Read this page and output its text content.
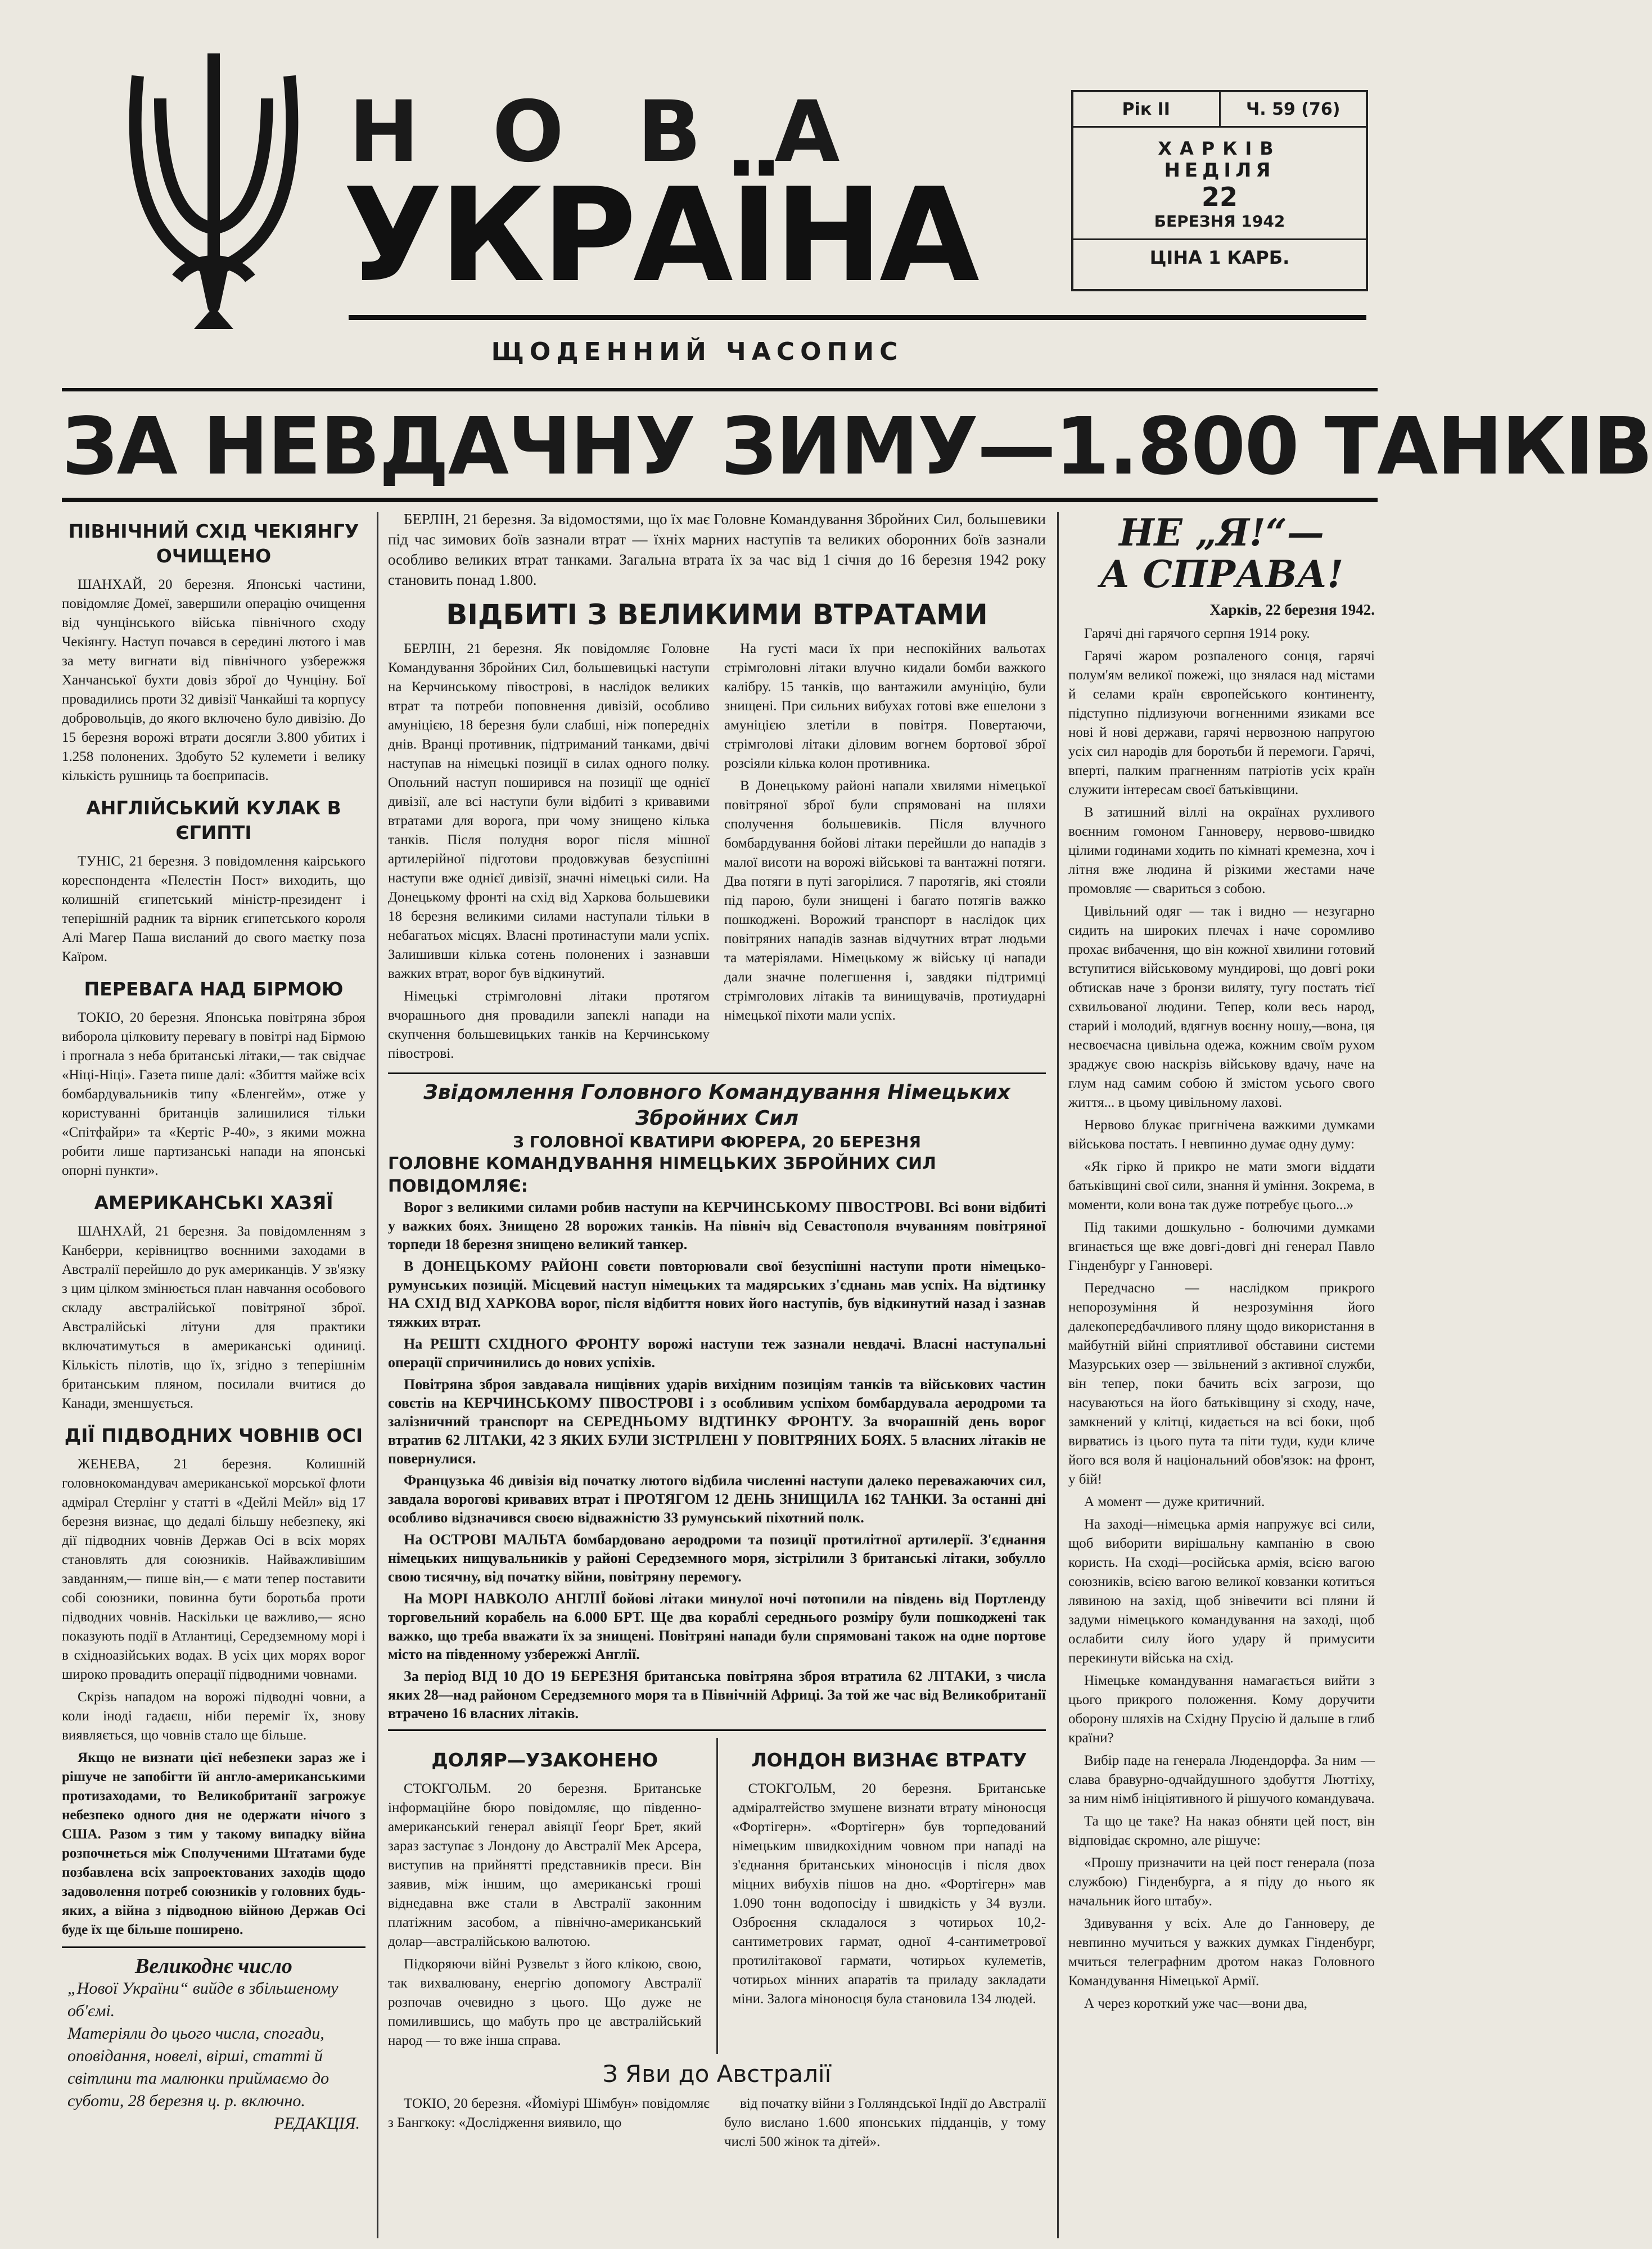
НОВА
УКРАЇНА
ЩОДЕННИЙ ЧАСОПИС
Рік II	Ч. 59 (76)
ХАРКІВ
НЕДІЛЯ
22
БЕРЕЗНЯ 1942
ЦІНА 1 КАРБ.
ЗА НЕВДАЧНУ ЗИМУ—1.800 ТАНКІВ
ПІВНІЧНИЙ СХІД ЧЕКІЯНГУ ОЧИЩЕНО

ШАНХАЙ, 20 березня. Японські частини, повідомляє Домеї, завершили операцію очищення від чунцінського війська північного сходу Чекіянгу. Наступ почався в середині лютого і мав за мету вигнати від північного узбережжя Ханчанської бухти довіз зброї до Чунціну. Бої провадились проти 32 дивізії Чанкайші та корпусу добровольців, до якого включено було дивізію. До 15 березня ворожі втрати досягли 3.800 убитих і 1.258 полонених. Здобуто 52 кулемети і велику кількість рушниць та боєприпасів.

АНГЛІЙСЬКИЙ КУЛАК В ЄГИПТІ

ТУНІС, 21 березня. З повідомлення каірського кореспондента «Пелестін Пост» виходить, що колишній єгипетський міністр-президент і теперішній радник та вірник єгипетського короля Алі Магер Паша висланий до свого маєтку поза Каїром.

ПЕРЕВАГА НАД БІРМОЮ

ТОКІО, 20 березня. Японська повітряна зброя виборола цілковиту перевагу в повітрі над Бірмою і прогнала з неба британські літаки,— так свідчає «Ніці-Ніці». Газета пише далі: «Збиття майже всіх бомбардувальників типу «Бленгейм», отже у користуванні британців залишилися тільки «Спітфайри» та «Кертіс Р-40», з якими можна робити лише партизанські напади на японські опорні пункти».

АМЕРИКАНСЬКІ ХАЗЯЇ

ШАНХАЙ, 21 березня. За повідомленням з Канберри, керівництво воєнними заходами в Австралії перейшло до рук американців. У зв'язку з цим цілком змінюється план навчання особового складу австралійської повітряної зброї. Австралійські літуни для практики включатимуться в американські одиниці. Кількість пілотів, що їх, згідно з теперішнім британським пляном, посилали вчитися до Канади, зменшується.

ДІЇ ПІДВОДНИХ ЧОВНІВ ОСІ

ЖЕНЕВА, 21 березня. Колишній головнокомандувач американської морської флоти адмірал Стерлінг у статті в «Дейлі Мейл» від 17 березня визнає, що дедалі більшу небезпеку, які дії підводних човнів Держав Осі в всіх морях становлять для союзників. Найважливішим завданням,— пише він,— є мати тепер поставити собі союзники, повинна бути боротьба проти підводних човнів. Наскільки це важливо,— ясно показують події в Атлантиці, Середземному морі і в східноазійських водах. В усіх цих морях ворог широко провадить операції підводними човнами.

Скрізь нападом на ворожі підводні човни, а коли іноді гадаєш, ніби переміг їх, знову виявляється, що човнів стало ще більше.

Якщо не визнати цієї небезпеки зараз же і рішуче не запобігти їй англо-американськими протизаходами, то Великобританії загрожує небезпеко одного дня не одержати нічого з США. Разом з тим у такому випадку війна розпочнеться між Сполученими Штатами буде позбавлена всіх запроектованих заходів щодо задоволення потреб союзників у головних будь-яких, а війна з підводною війною Держав Осі буде їх ще більше поширено.

Великоднє число
„Нової України“ вийде в збільшеному об'ємі.
Матеріяли до цього числа, спогади, оповідання, новелі, вірші, статті й світлини та малюнки приймаємо до суботи, 28 березня ц. р. включно.
РЕДАКЦІЯ.

БЕРЛІН, 21 березня. За відомостями, що їх має Головне Командування Збройних Сил, большевики під час зимових боїв зазнали втрат — їхніх марних наступів та великих оборонних боїв зазнали особливо великих втрат танками. Загальна втрата їх за час від 1 січня до 16 березня 1942 року становить понад 1.800.

ВІДБИТІ З ВЕЛИКИМИ ВТРАТАМИ

БЕРЛІН, 21 березня. Як повідомляє Головне Командування Збройних Сил, большевицькі наступи на Керчинському півострові, в наслідок великих втрат та потреби поповнення дивізій, особливо амуніцією, 18 березня були слабші, ніж попередніх днів. Вранці противник, підтриманий танками, двічі наступав на німецькі позиції в силах одного полку. Опольний наступ поширився на позиції ще однієї дивізії, але всі наступи були відбиті з кривавими втратами для ворога, при чому знищено кілька танків. Після полудня ворог після мішної артилерійної підготови продовжував безуспішні наступи вже однієї дивізії, значні німецькі сили. На Донецькому фронті на схід від Харкова большевики 18 березня великими силами наступали тільки в небагатьох місцях. Власні протинаступи мали успіх. Залишивши кілька сотень полонених і зазнавши важких втрат, ворог був відкинутий.

Німецькі стрімголовні літаки протягом вчорашнього дня провадили запеклі напади на скупчення большевицьких танків на Керчинському півострові.

На густі маси їх при неспокійних вальотах стрімголовні літаки влучно кидали бомби важкого калібру. 15 танків, що вантажили амуніцію, були знищені. При сильних вибухах готові вже ешелони з амуніцією злетіли в повітря. Повертаючи, стрімголові літаки діловим вогнем бортової зброї розсіяли кілька колон противника.

В Донецькому районі напали хвилями німецької повітряної зброї були спрямовані на шляхи сполучення большевиків. Після влучного бомбардування бойові літаки перейшли до нападів з малої висоти на ворожі військові та вантажні потяги. Два потяги в путі загорілися. 7 паротягів, які стояли під парою, були знищені і багато потягів важко пошкоджені. Ворожий транспорт в наслідок цих повітряних нападів зазнав відчутних втрат людьми та матеріялами. Німецькому ж війську ці напади дали значне полегшення і, завдяки підтримці стрімголових літаків та винищувачів, протиударні німецької піхоти мали успіх.

Звідомлення Головного Командування Німецьких Збройних Сил
З ГОЛОВНОЇ КВАТИРИ ФЮРЕРА, 20 БЕРЕЗНЯ
ГОЛОВНЕ КОМАНДУВАННЯ НІМЕЦЬКИХ ЗБРОЙНИХ СИЛ ПОВІДОМЛЯЄ:

Ворог з великими силами робив наступи на КЕРЧИНСЬКОМУ ПІВОСТРОВІ. Всі вони відбиті у важких боях. Знищено 28 ворожих танків. На північ від Севастополя вчуванням повітряної торпеди 18 березня знищено великий танкер.

В ДОНЕЦЬКОМУ РАЙОНІ совєти повторювали свої безуспішні наступи проти німецько-румунських позицій. Місцевий наступ німецьких та мадярських з'єднань мав успіх. На відтинку НА СХІД ВІД ХАРКОВА ворог, після відбиття нових його наступів, був відкинутий назад і зазнав тяжких втрат.

На РЕШТІ СХІДНОГО ФРОНТУ ворожі наступи теж зазнали невдачі. Власні наступальні операції спричинились до нових успіхів.

Повітряна зброя завдавала нищівних ударів вихідним позиціям танків та військових частин совєтів на КЕРЧИНСЬКОМУ ПІВОСТРОВІ і з особливим успіхом бомбардувала аеродроми та залізничний транспорт на СЕРЕДНЬОМУ ВІДТИНКУ ФРОНТУ. За вчорашній день ворог втратив 62 ЛІТАКИ, 42 З ЯКИХ БУЛИ ЗІСТРІЛЕНІ У ПОВІТРЯНИХ БОЯХ. 5 власних літаків не повернулися.

Французька 46 дивізія від початку лютого відбила численні наступи далеко переважаючих сил, завдала ворогові кривавих втрат і ПРОТЯГОМ 12 ДЕНЬ ЗНИЩИЛА 162 ТАНКИ. За останні дні особливо відзначився своєю відважністю 33 румунський піхотний полк.

На ОСТРОВІ МАЛЬТА бомбардовано аеродроми та позиції протилітної артилерії. З'єднання німецьких нищувальників у районі Середземного моря, зістрілили 3 британські літаки, зобулло свою тисячну, від початку війни, повітряну перемогу.

На МОРІ НАВКОЛО АНГЛІЇ бойові літаки минулої ночі потопили на південь від Портленду торговельний корабель на 6.000 БРТ. Ще два кораблі середнього розміру були пошкоджені так важко, що треба вважати їх за знищені. Повітряні напади були спрямовані також на одне портове місто на південному узбережжі Англії.

За період ВІД 10 ДО 19 БЕРЕЗНЯ британська повітряна зброя втратила 62 ЛІТАКИ, з числа яких 28—над районом Середземного моря та в Північній Африці. За той же час від Великобританії втрачено 16 власних літаків.

ДОЛЯР—УЗАКОНЕНО

СТОКГОЛЬМ. 20 березня. Британське інформаційне бюро повідомляє, що південно-американський генерал авіяції Ґеорґ Брет, який зараз заступає з Лондону до Австралії Мек Арсера, виступив на прийнятті представників преси. Він заявив, між іншим, що американські гроші віднедавна вже стали в Австралії законним платіжним засобом, а північно-американський долар—австралійською валютою.

Підкоряючи війні Рузвельт з його клікою, свою, так вихвалювану, енергію допомогу Австралії розпочав очевидно з цього. Що дуже не помилившись, що мабуть про це австралійський народ — то вже інша справа.

ЛОНДОН ВИЗНАЄ ВТРАТУ

СТОКГОЛЬМ, 20 березня. Британське адміралтейство змушене визнати втрату міноносця «Фортігерн». «Фортігерн» був торпедований німецьким швидкохідним човном при нападі на з'єднання британських міноносців і після двох міцних вибухів пішов на дно. «Фортігерн» мав 1.090 тонн водопосіду і швидкість у 34 вузли. Озброєння складалося з чотирьох 10,2-сантиметрових гармат, одної 4-сантиметрової протилітакової гармати, чотирьох кулеметів, чотирьох мінних апаратів та приладу закладати міни. Залога міноносця була становила 134 людей.

З Яви до Австралії

ТОКІО, 20 березня. «Йоміурі Шімбун» повідомляє з Бангкоку: «Дослідження виявило, що

від початку війни з Голляндської Індії до Австралії було вислано 1.600 японських підданців, у тому числі 500 жінок та дітей».

НЕ „Я!“—
А СПРАВА!
Харків, 22 березня 1942.

Гарячі дні гарячого серпня 1914 року.

Гарячі жаром розпаленого сонця, гарячі полум'ям великої пожежі, що знялася над містами й селами країн європейського континенту, підступно підлизуючи вогненними язиками все нові й нові держави, гарячі нервозною напругою усіх сил народів для боротьби й перемоги. Гарячі, вперті, палким прагненням патріотів усіх країн служити інтересам своєї батьківщини.

В затишний віллі на окраїнах рухливого воєнним гомоном Ганноверу, нервово-швидко цілими годинами ходить по кімнаті кремезна, хоч і літня вже людина й різкими жестами наче промовляє — свариться з собою.

Цивільний одяг — так і видно — незугарно сидить на широких плечах і наче соромливо прохає вибачення, що він кожної хвилини готовий вступитися військовому мундирові, що довгі роки обтискав наче з бронзи виляту, тугу постать тієї схвильованої людини. Тепер, коли весь народ, старий і молодий, вдягнув воєнну ношу,—вона, ця несвоєчасна цивільна одежа, кожним своїм рухом зраджує свою наскрізь військову вдачу, наче на глум над самим собою й змістом усього свого життя... в цьому цивільному лахові.

Нервово блукає пригнічена важкими думками військова постать. І невпинно думає одну думу:

«Як гірко й прикро не мати змоги віддати батьківщині свої сили, знання й уміння. Зокрема, в моменти, коли вона так дуже потребує цього...»

Під такими дошкульно - болючими думками вгинається ще вже довгі-довгі дні генерал Павло Гінденбург у Ганновері.

Передчасно — наслідком прикрого непорозуміння й незрозуміння його далекопередбачливого пляну щодо використання в майбутній війні сприятливої обставини системи Мазурських озер — звільнений з активної служби, він тепер, поки бачить всіх загрози, що насуваються на його батьківщину зі сходу, наче, замкнений у клітці, кидається на всі боки, щоб вирватись із цього пута та піти туди, куди кличе його вся воля й національний обов'язок: на фронт, у бій!

А момент — дуже критичний.

На заході—німецька армія напружує всі сили, щоб виборити вирішальну кампанію в свою користь. На сході—російська армія, всією вагою союзників, всією вагою великої ковзанки котиться лявиною на захід, щоб знівечити всі пляни й задуми німецького командування на заході, щоб ослабити силу його удару й примусити перекинути війська на схід.

Німецьке командування намагається вийти з цього прикрого положення. Кому доручити оборону шляхів на Східну Прусію й дальше в глиб країни?

Вибір паде на генерала Людендорфа. За ним — слава бравурно-одчайдушного здобуття Люттіху, за ним німб ініціятивного й рішучого командувача.

Та що це таке? На наказ обняти цей пост, він відповідає скромно, але рішуче:

«Прошу призначити на цей пост генерала (поза службою) Гінденбурга, а я піду до нього як начальник його штабу».

Здивування у всіх. Але до Ганноверу, де невпинно мучиться у важких думках Гінденбург, мчиться телеграфним дротом наказ Головного Командування Німецької Армії.

А через короткий уже час—вони два,
